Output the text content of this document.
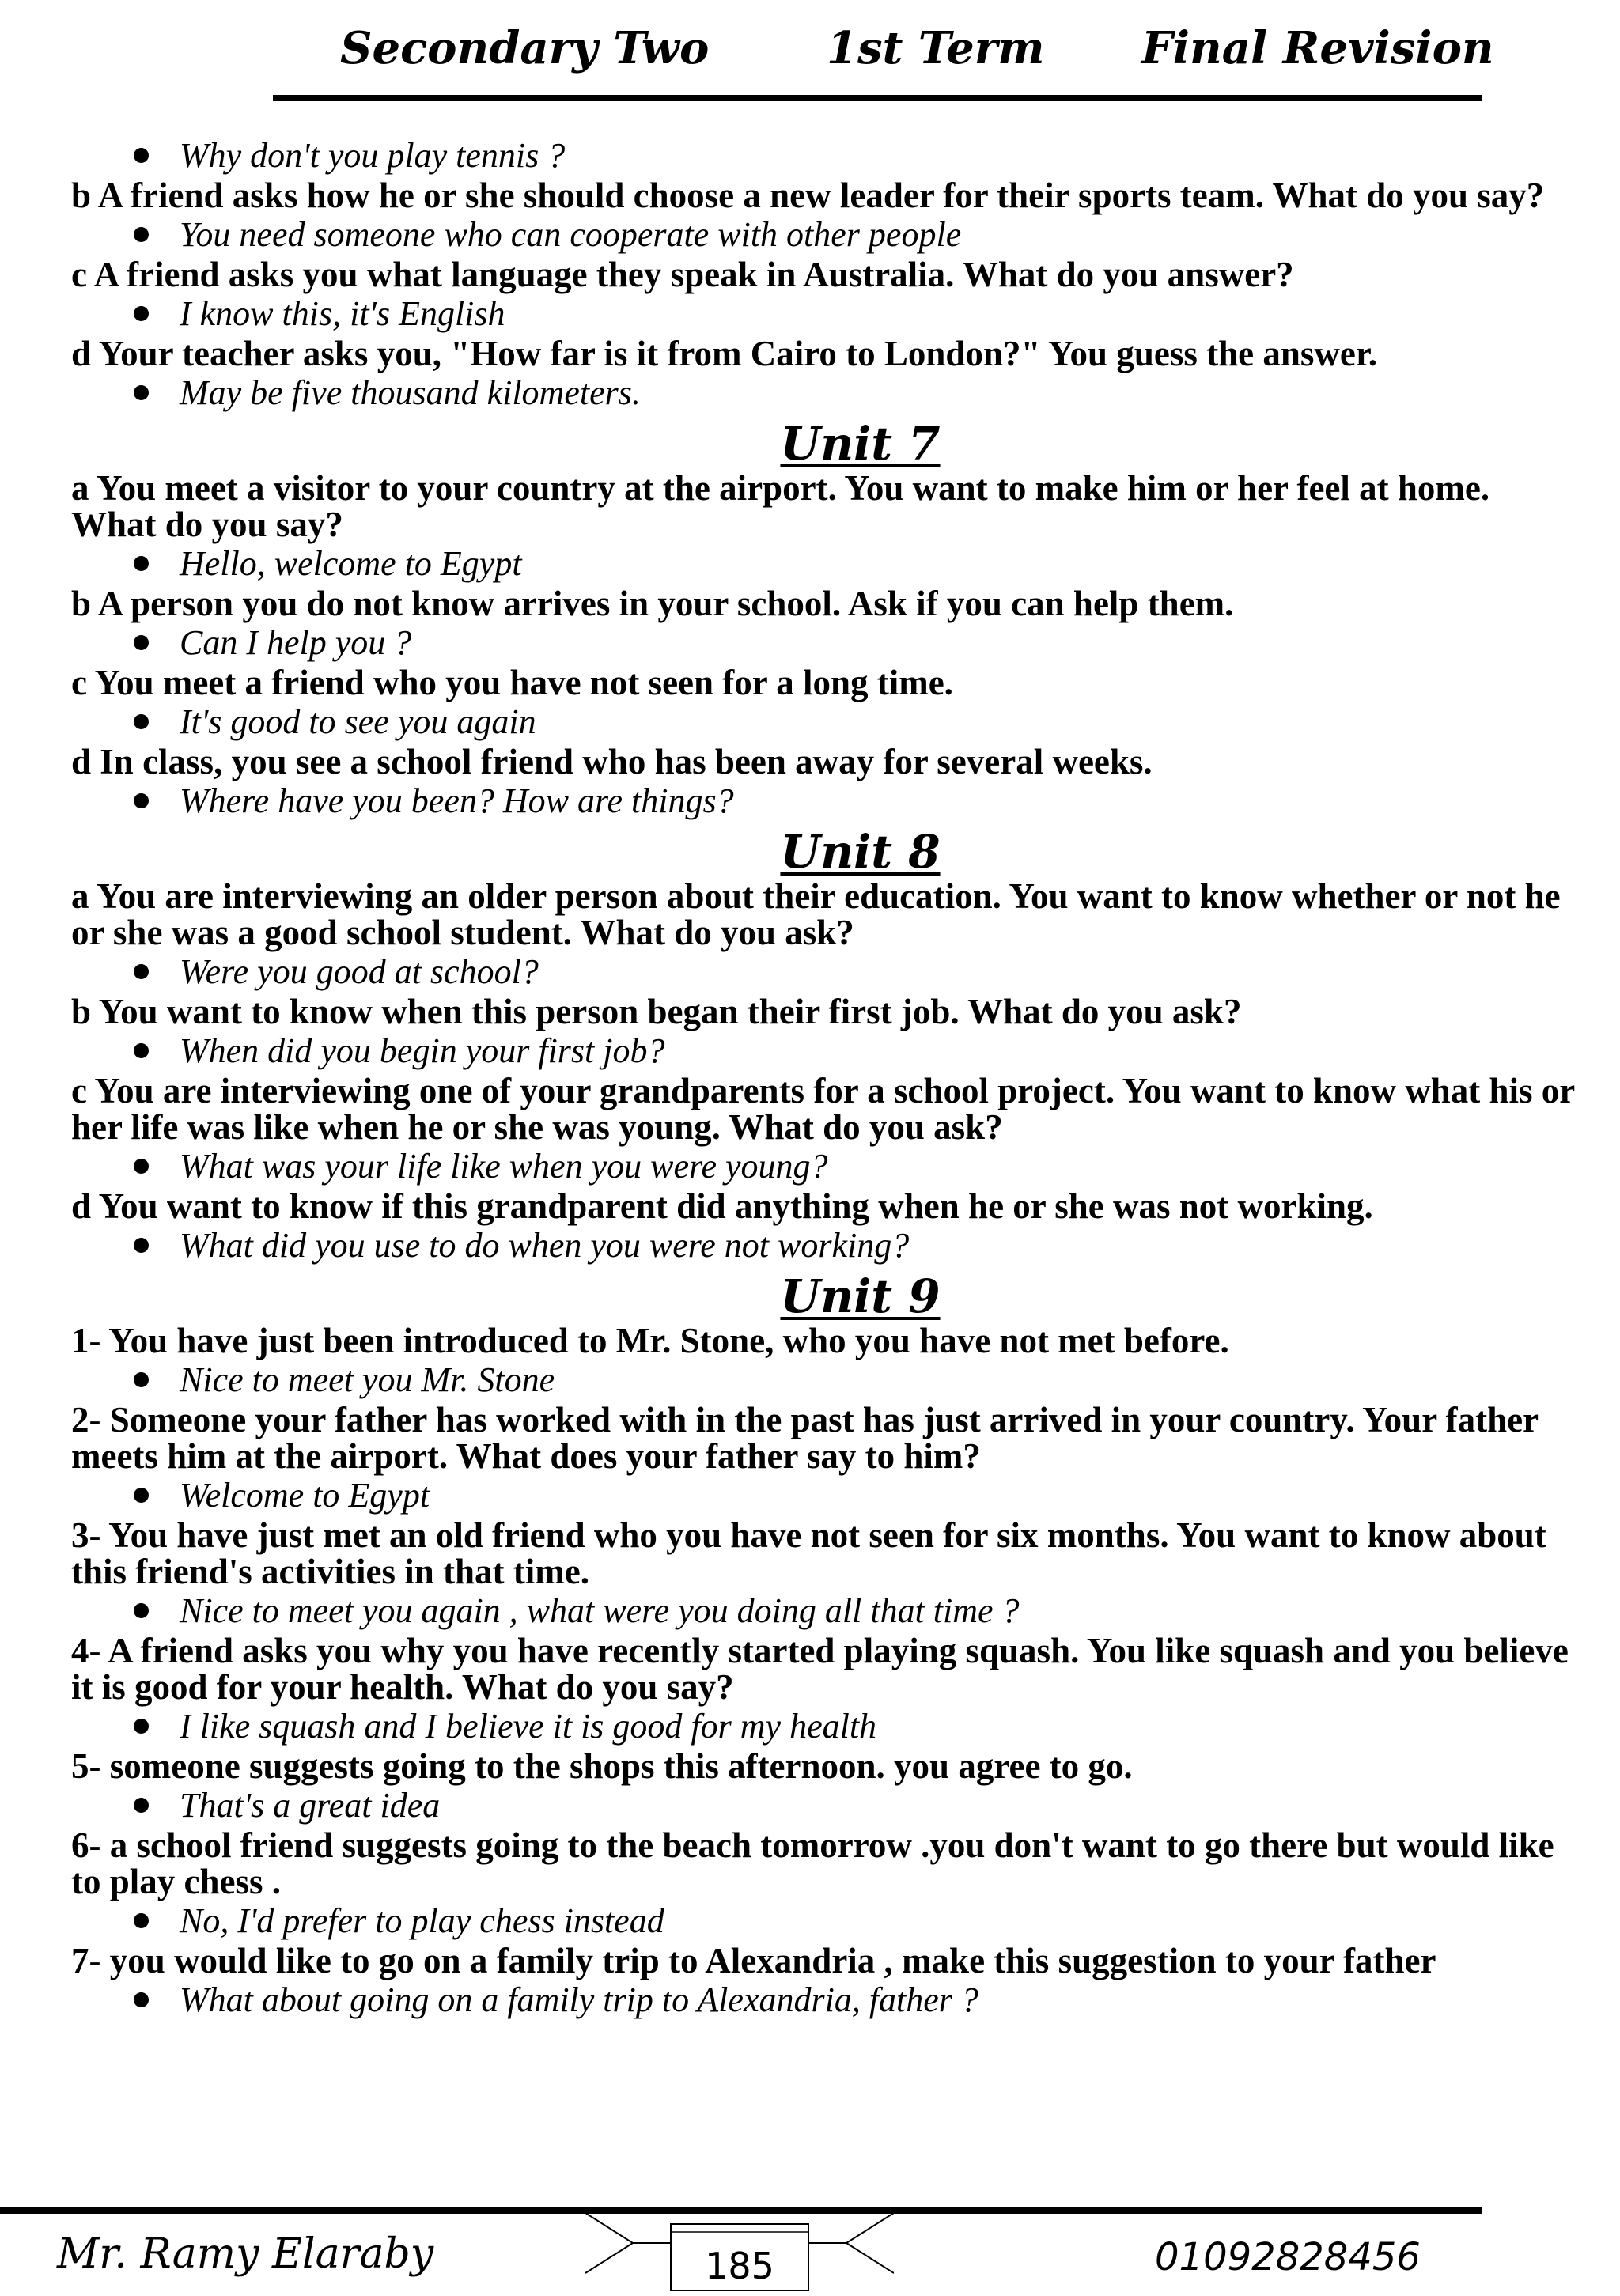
Secondary Two	1st Term Final Revision
Why don't you play tennis ?
b A friend asks how he or she should choose a new leader for their sports team. What do you say?
You need someone who can cooperate with other people
c A friend asks you what language they speak in Australia. What do you answer?
I know this, it's English
d Your teacher asks you, "How far is it from Cairo to London?" You guess the answer.
May be five thousand kilometers.
Unit 7
a You meet a visitor to your country at the airport. You want to make him or her feel at home. What do you say?
Hello, welcome to Egypt
b A person you do not know arrives in your school. Ask if you can help them.
Can I help you ?
c You meet a friend who you have not seen for a long time.
It's good to see you again
d In class, you see a school friend who has been away for several weeks.
Where have you been? How are things?
Unit 8
a You are interviewing an older person about their education. You want to know whether or not he or she was a good school student. What do you ask?
Were you good at school?
b You want to know when this person began their first job. What do you ask?
When did you begin your first job?
c You are interviewing one of your grandparents for a school project. You want to know what his or her life was like when he or she was young. What do you ask?
What was your life like when you were young?
d You want to know if this grandparent did anything when he or she was not working.
What did you use to do when you were not working?
Unit 9
1- You have just been introduced to Mr. Stone, who you have not met before.
Nice to meet you Mr. Stone
2- Someone your father has worked with in the past has just arrived in your country. Your father meets him at the airport. What does your father say to him?
Welcome to Egypt
3- You have just met an old friend who you have not seen for six months. You want to know about this friend's activities in that time.
Nice to meet you again , what were you doing all that time ?
4- A friend asks you why you have recently started playing squash. You like squash and you believe it is good for your health. What do you say?
I like squash and I believe it is good for my health
5- someone suggests going to the shops this afternoon. you agree to go.
That's a great idea
6- a school friend suggests going to the beach tomorrow .you don't want to go there but would like to play chess .
No, I'd prefer to play chess instead
7- you would like to go on a family trip to Alexandria , make this suggestion to your father
What about going on a family trip to Alexandria, father ?
Mr. Ramy Elaraby	185	01092828456
